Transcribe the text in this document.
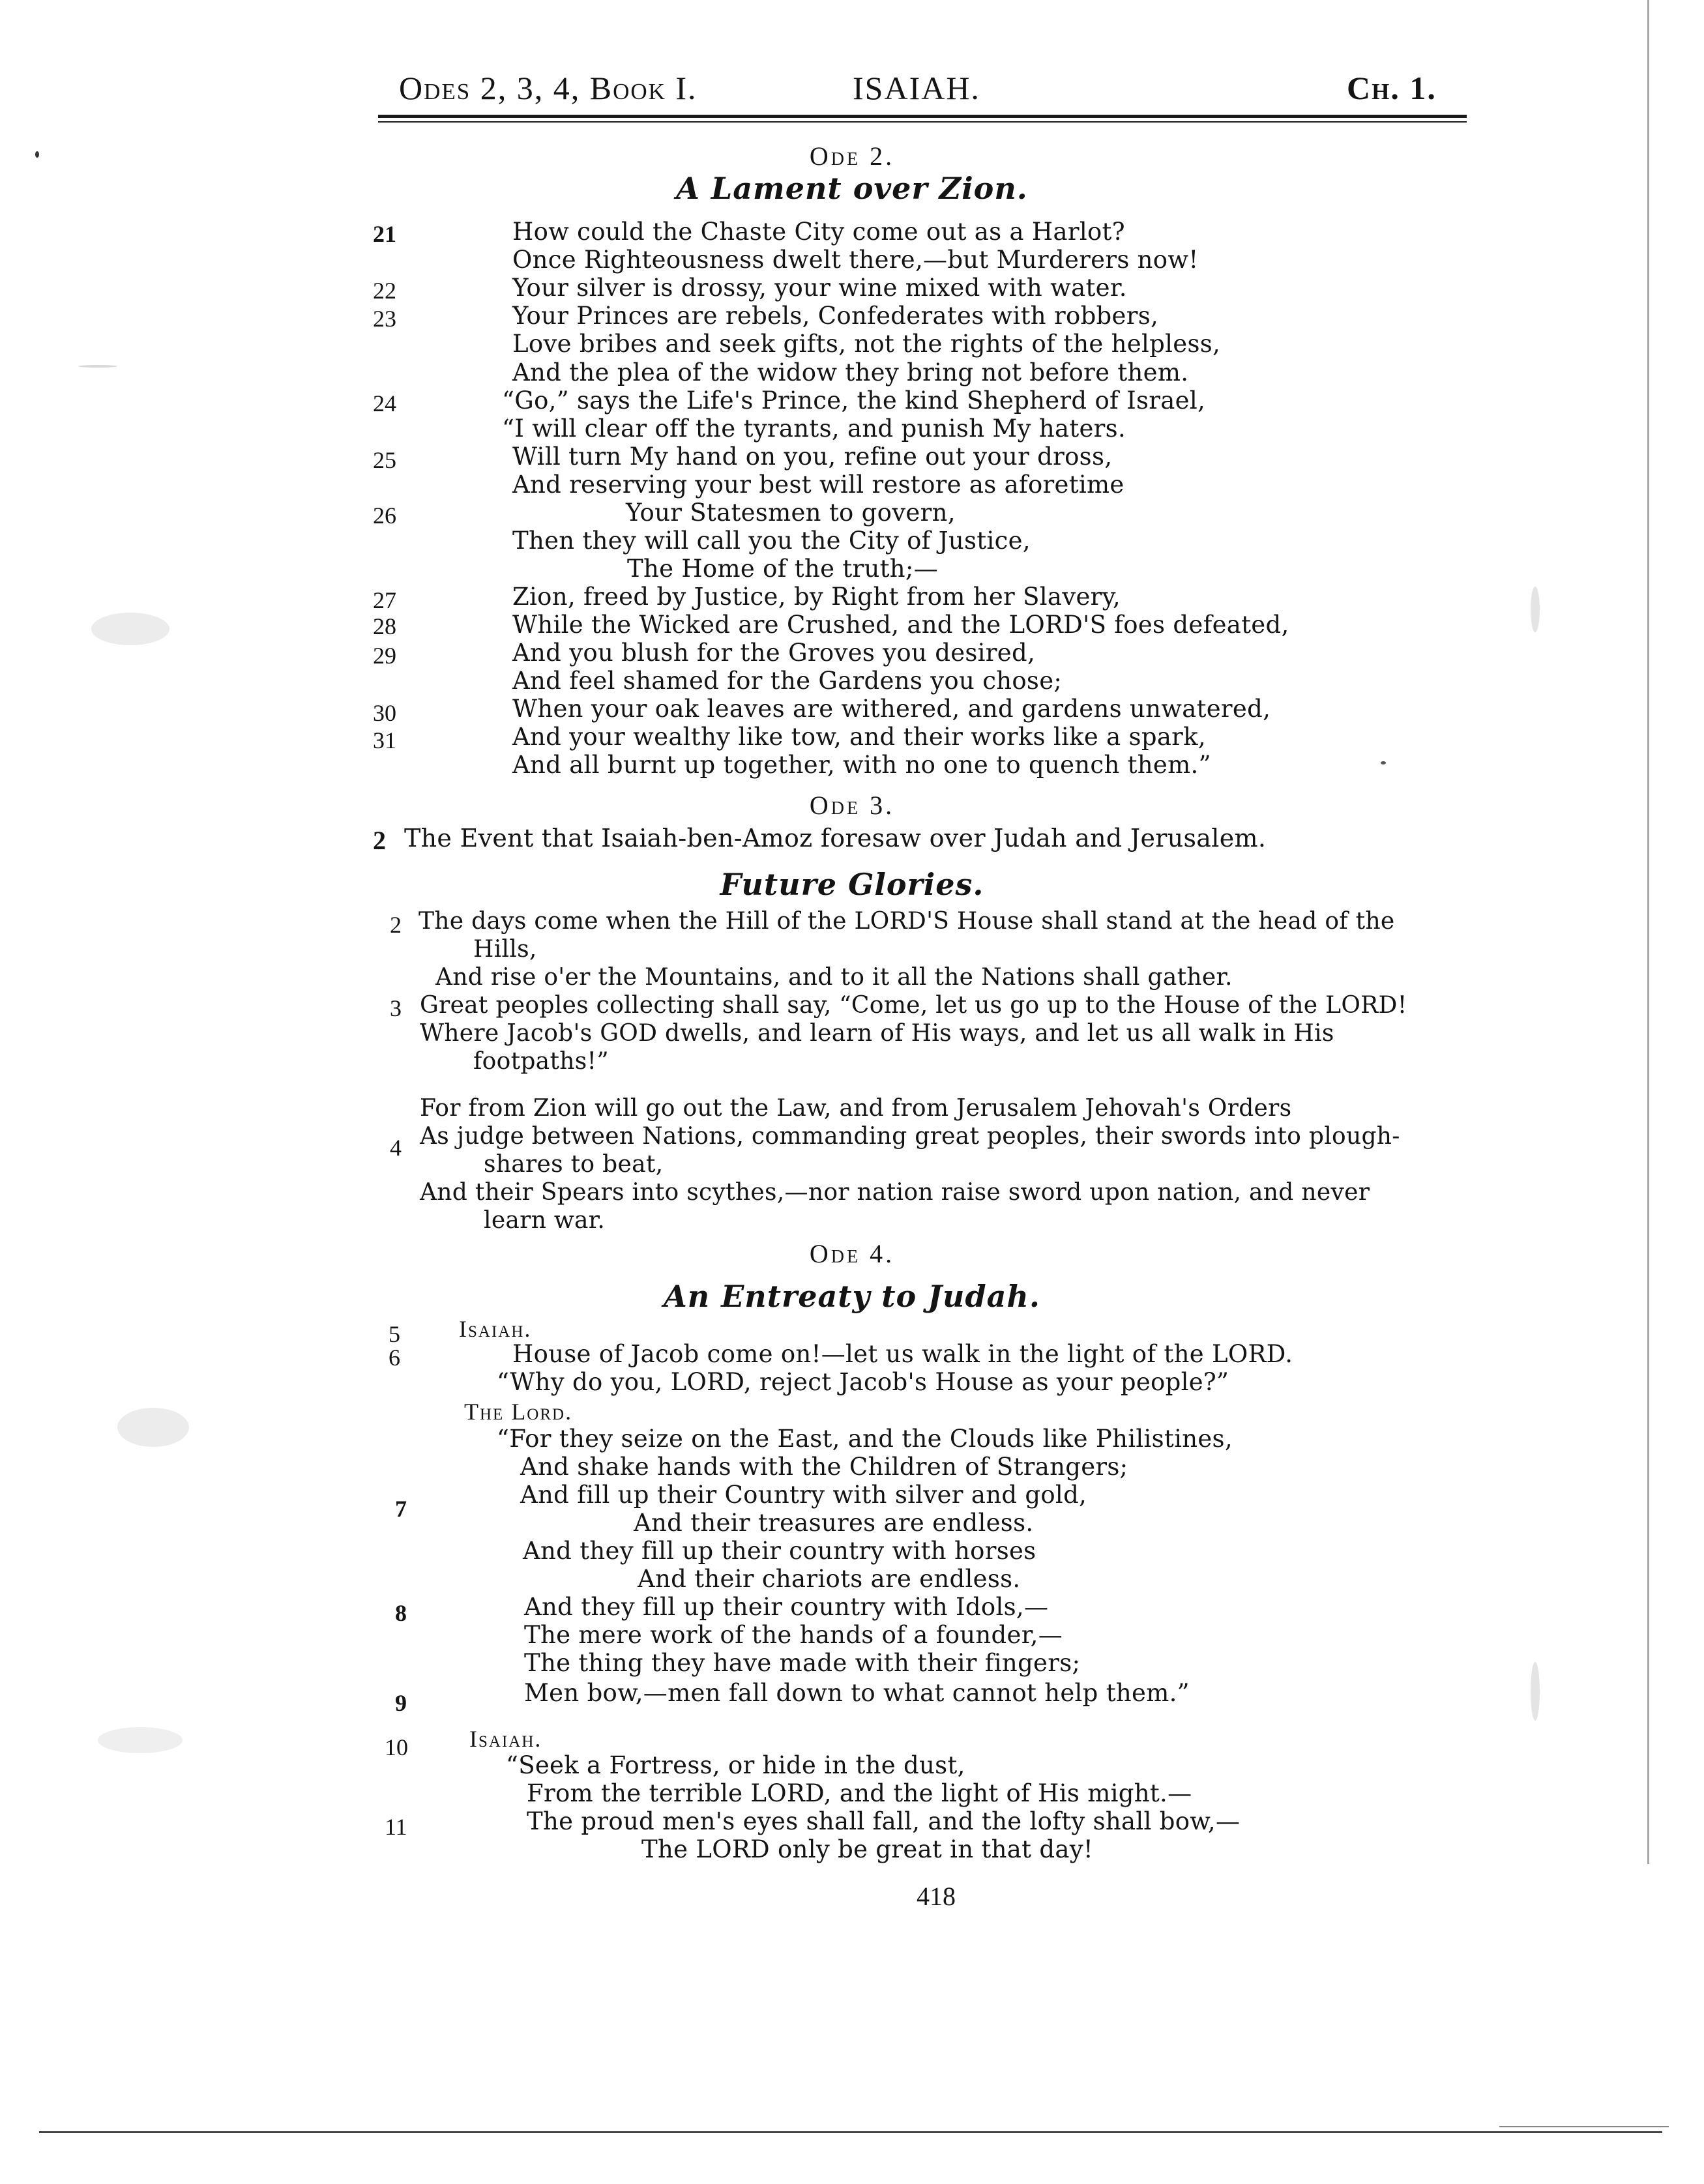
Odes 2, 3, 4, Book I.	ISAIAH.	Ch. 1.
Ode 2.
A Lament over Zion.
21
22
23
24
25
26
27
28
29
30
31
How could the Chaste City come out as a Harlot?
Once Righteousness dwelt there,—but Murderers now!
Your silver is drossy, your wine mixed with water.
Your Princes are rebels, Confederates with robbers,
Love bribes and seek gifts, not the rights of the helpless,
And the plea of the widow they bring not before them.
“Go,” says the Life's Prince, the kind Shepherd of Israel,
“I will clear off the tyrants, and punish My haters.
Will turn My hand on you, refine out your dross,
And reserving your best will restore as aforetime
Your Statesmen to govern,
Then they will call you the City of Justice,
The Home of the truth;—
Zion, freed by Justice, by Right from her Slavery,
While the Wicked are Crushed, and the LORD'S foes defeated,
And you blush for the Groves you desired,
And feel shamed for the Gardens you chose;
When your oak leaves are withered, and gardens unwatered,
And your wealthy like tow, and their works like a spark,
And all burnt up together, with no one to quench them.”
Ode 3.
2 The Event that Isaiah-ben-Amoz foresaw over Judah and Jerusalem.
Future Glories.
2
3
4
The days come when the Hill of the LORD'S House shall stand at the head of the
Hills,
And rise o'er the Mountains, and to it all the Nations shall gather.
Great peoples collecting shall say, “Come, let us go up to the House of the LORD!
Where Jacob's GOD dwells, and learn of His ways, and let us all walk in His
footpaths!”
For from Zion will go out the Law, and from Jerusalem Jehovah's Orders
As judge between Nations, commanding great peoples, their swords into plough-
shares to beat,
And their Spears into scythes,—nor nation raise sword upon nation, and never
learn war.
Ode 4.
An Entreaty to Judah.
5
6
7
8
9
10
11
Isaiah.
House of Jacob come on!—let us walk in the light of the LORD.
“Why do you, LORD, reject Jacob's House as your people?”
The Lord.
“For they seize on the East, and the Clouds like Philistines,
And shake hands with the Children of Strangers;
And fill up their Country with silver and gold,
And their treasures are endless.
And they fill up their country with horses
And their chariots are endless.
And they fill up their country with Idols,—
The mere work of the hands of a founder,—
The thing they have made with their fingers;
Men bow,—men fall down to what cannot help them.”
Isaiah.
“Seek a Fortress, or hide in the dust,
From the terrible LORD, and the light of His might.—
The proud men's eyes shall fall, and the lofty shall bow,—
The LORD only be great in that day!
418
